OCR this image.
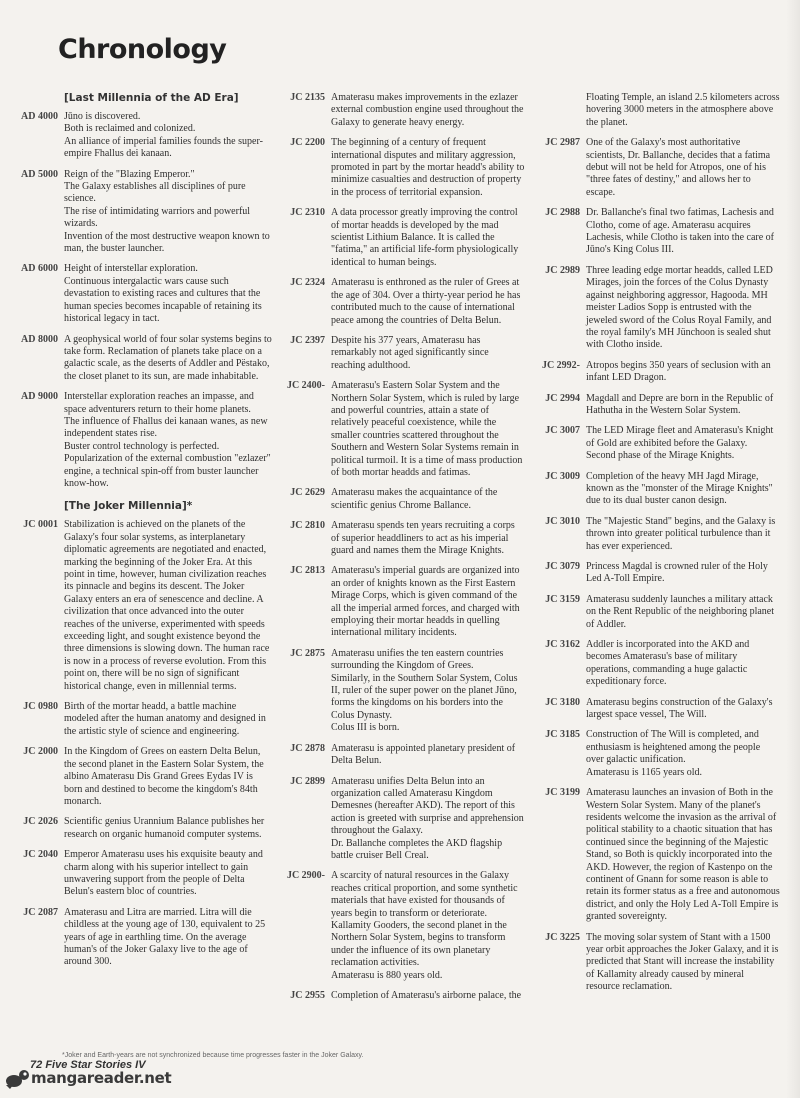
Chronology
[Last Millennia of the AD Era]
AD 4000 Jūno is discovered.
Both is reclaimed and colonized.
An alliance of imperial families founds the super-empire Fhallus dei kanaan.
AD 5000 Reign of the "Blazing Emperor."
The Galaxy establishes all disciplines of pure science.
The rise of intimidating warriors and powerful wizards.
Invention of the most destructive weapon known to man, the buster launcher.
AD 6000 Height of interstellar exploration.
Continuous intergalactic wars cause such devastation to existing races and cultures that the human species becomes incapable of retaining its historical legacy in tact.
AD 8000 A geophysical world of four solar systems begins to take form. Reclamation of planets take place on a galactic scale, as the deserts of Addler and Pëstako, the closet planet to its sun, are made inhabitable.
AD 9000 Interstellar exploration reaches an impasse, and space adventurers return to their home planets.
The influence of Fhallus dei kanaan wanes, as new independent states rise.
Buster control technology is perfected.
Popularization of the external combustion "ezlazer" engine, a technical spin-off from buster launcher know-how.
[The Joker Millennia]*
JC 0001 Stabilization is achieved on the planets of the Galaxy's four solar systems, as interplanetary diplomatic agreements are negotiated and enacted, marking the beginning of the Joker Era. At this point in time, however, human civilization reaches its pinnacle and begins its descent. The Joker Galaxy enters an era of senescence and decline. A civilization that once advanced into the outer reaches of the universe, experimented with speeds exceeding light, and sought existence beyond the three dimensions is slowing down. The human race is now in a process of reverse evolution. From this point on, there will be no sign of significant historical change, even in millennial terms.
JC 0980 Birth of the mortar headd, a battle machine modeled after the human anatomy and designed in the artistic style of science and engineering.
JC 2000 In the Kingdom of Grees on eastern Delta Belun, the second planet in the Eastern Solar System, the albino Amaterasu Dis Grand Grees Eydas IV is born and destined to become the kingdom's 84th monarch.
JC 2026 Scientific genius Urannium Balance publishes her research on organic humanoid computer systems.
JC 2040 Emperor Amaterasu uses his exquisite beauty and charm along with his superior intellect to gain unwavering support from the people of Delta Belun's eastern bloc of countries.
JC 2087 Amaterasu and Litra are married. Litra will die childless at the young age of 130, equivalent to 25 years of age in earthling time. On the average human's of the Joker Galaxy live to the age of around 300.
JC 2135 Amaterasu makes improvements in the ezlazer external combustion engine used throughout the Galaxy to generate heavy energy.
JC 2200 The beginning of a century of frequent international disputes and military aggression, promoted in part by the mortar headd's ability to minimize casualties and destruction of property in the process of territorial expansion.
JC 2310 A data processor greatly improving the control of mortar headds is developed by the mad scientist Lithium Balance. It is called the "fatima," an artificial life-form physiologically identical to human beings.
JC 2324 Amaterasu is enthroned as the ruler of Grees at the age of 304. Over a thirty-year period he has contributed much to the cause of international peace among the countries of Delta Belun.
JC 2397 Despite his 377 years, Amaterasu has remarkably not aged significantly since reaching adulthood.
JC 2400- Amaterasu's Eastern Solar System and the Northern Solar System, which is ruled by large and powerful countries, attain a state of relatively peaceful coexistence, while the smaller countries scattered throughout the Southern and Western Solar Systems remain in political turmoil. It is a time of mass production of both mortar headds and fatimas.
JC 2629 Amaterasu makes the acquaintance of the scientific genius Chrome Ballance.
JC 2810 Amaterasu spends ten years recruiting a corps of superior headdliners to act as his imperial guard and names them the Mirage Knights.
JC 2813 Amaterasu's imperial guards are organized into an order of knights known as the First Eastern Mirage Corps, which is given command of the all the imperial armed forces, and charged with employing their mortar headds in quelling international military incidents.
JC 2875 Amaterasu unifies the ten eastern countries surrounding the Kingdom of Grees.
Similarly, in the Southern Solar System, Colus II, ruler of the super power on the planet Jūno, forms the kingdoms on his borders into the Colus Dynasty.
Colus III is born.
JC 2878 Amaterasu is appointed planetary president of Delta Belun.
JC 2899 Amaterasu unifies Delta Belun into an organization called Amaterasu Kingdom Demesnes (hereafter AKD). The report of this action is greeted with surprise and apprehension throughout the Galaxy.
Dr. Ballanche completes the AKD flagship battle cruiser Bell Creal.
JC 2900- A scarcity of natural resources in the Galaxy reaches critical proportion, and some synthetic materials that have existed for thousands of years begin to transform or deteriorate.
Kallamity Gooders, the second planet in the Northern Solar System, begins to transform under the influence of its own planetary reclamation activities.
Amaterasu is 880 years old.
JC 2955 Completion of Amaterasu's airborne palace, the
Floating Temple, an island 2.5 kilometers across hovering 3000 meters in the atmosphere above the planet.
JC 2987 One of the Galaxy's most authoritative scientists, Dr. Ballanche, decides that a fatima debut will not be held for Atropos, one of his "three fates of destiny," and allows her to escape.
JC 2988 Dr. Ballanche's final two fatimas, Lachesis and Clotho, come of age. Amaterasu acquires Lachesis, while Clotho is taken into the care of Jūno's King Colus III.
JC 2989 Three leading edge mortar headds, called LED Mirages, join the forces of the Colus Dynasty against neighboring aggressor, Hagooda. MH meister Ladios Sopp is entrusted with the jeweled sword of the Colus Royal Family, and the royal family's MH Jünchoon is sealed shut with Clotho inside.
JC 2992- Atropos begins 350 years of seclusion with an infant LED Dragon.
JC 2994 Magdall and Depre are born in the Republic of Hathutha in the Western Solar System.
JC 3007 The LED Mirage fleet and Amaterasu's Knight of Gold are exhibited before the Galaxy.
Second phase of the Mirage Knights.
JC 3009 Completion of the heavy MH Jagd Mirage, known as the "monster of the Mirage Knights" due to its dual buster canon design.
JC 3010 The "Majestic Stand" begins, and the Galaxy is thrown into greater political turbulence than it has ever experienced.
JC 3079 Princess Magdal is crowned ruler of the Holy Led A-Toll Empire.
JC 3159 Amaterasu suddenly launches a military attack on the Rent Republic of the neighboring planet of Addler.
JC 3162 Addler is incorporated into the AKD and becomes Amaterasu's base of military operations, commanding a huge galactic expeditionary force.
JC 3180 Amaterasu begins construction of the Galaxy's largest space vessel, The Will.
JC 3185 Construction of The Will is completed, and enthusiasm is heightened among the people over galactic unification.
Amaterasu is 1165 years old.
JC 3199 Amaterasu launches an invasion of Both in the Western Solar System. Many of the planet's residents welcome the invasion as the arrival of political stability to a chaotic situation that has continued since the beginning of the Majestic Stand, so Both is quickly incorporated into the AKD. However, the region of Kastenpo on the continent of Gnann for some reason is able to retain its former status as a free and autonomous district, and only the Holy Led A-Toll Empire is granted sovereignty.
JC 3225 The moving solar system of Stant with a 1500 year orbit approaches the Joker Galaxy, and it is predicted that Stant will increase the instability of Kallamity already caused by mineral resource reclamation.
*Joker and Earth-years are not synchronized because time progresses faster in the Joker Galaxy.
72 Five Star Stories IV
mangareader.net
